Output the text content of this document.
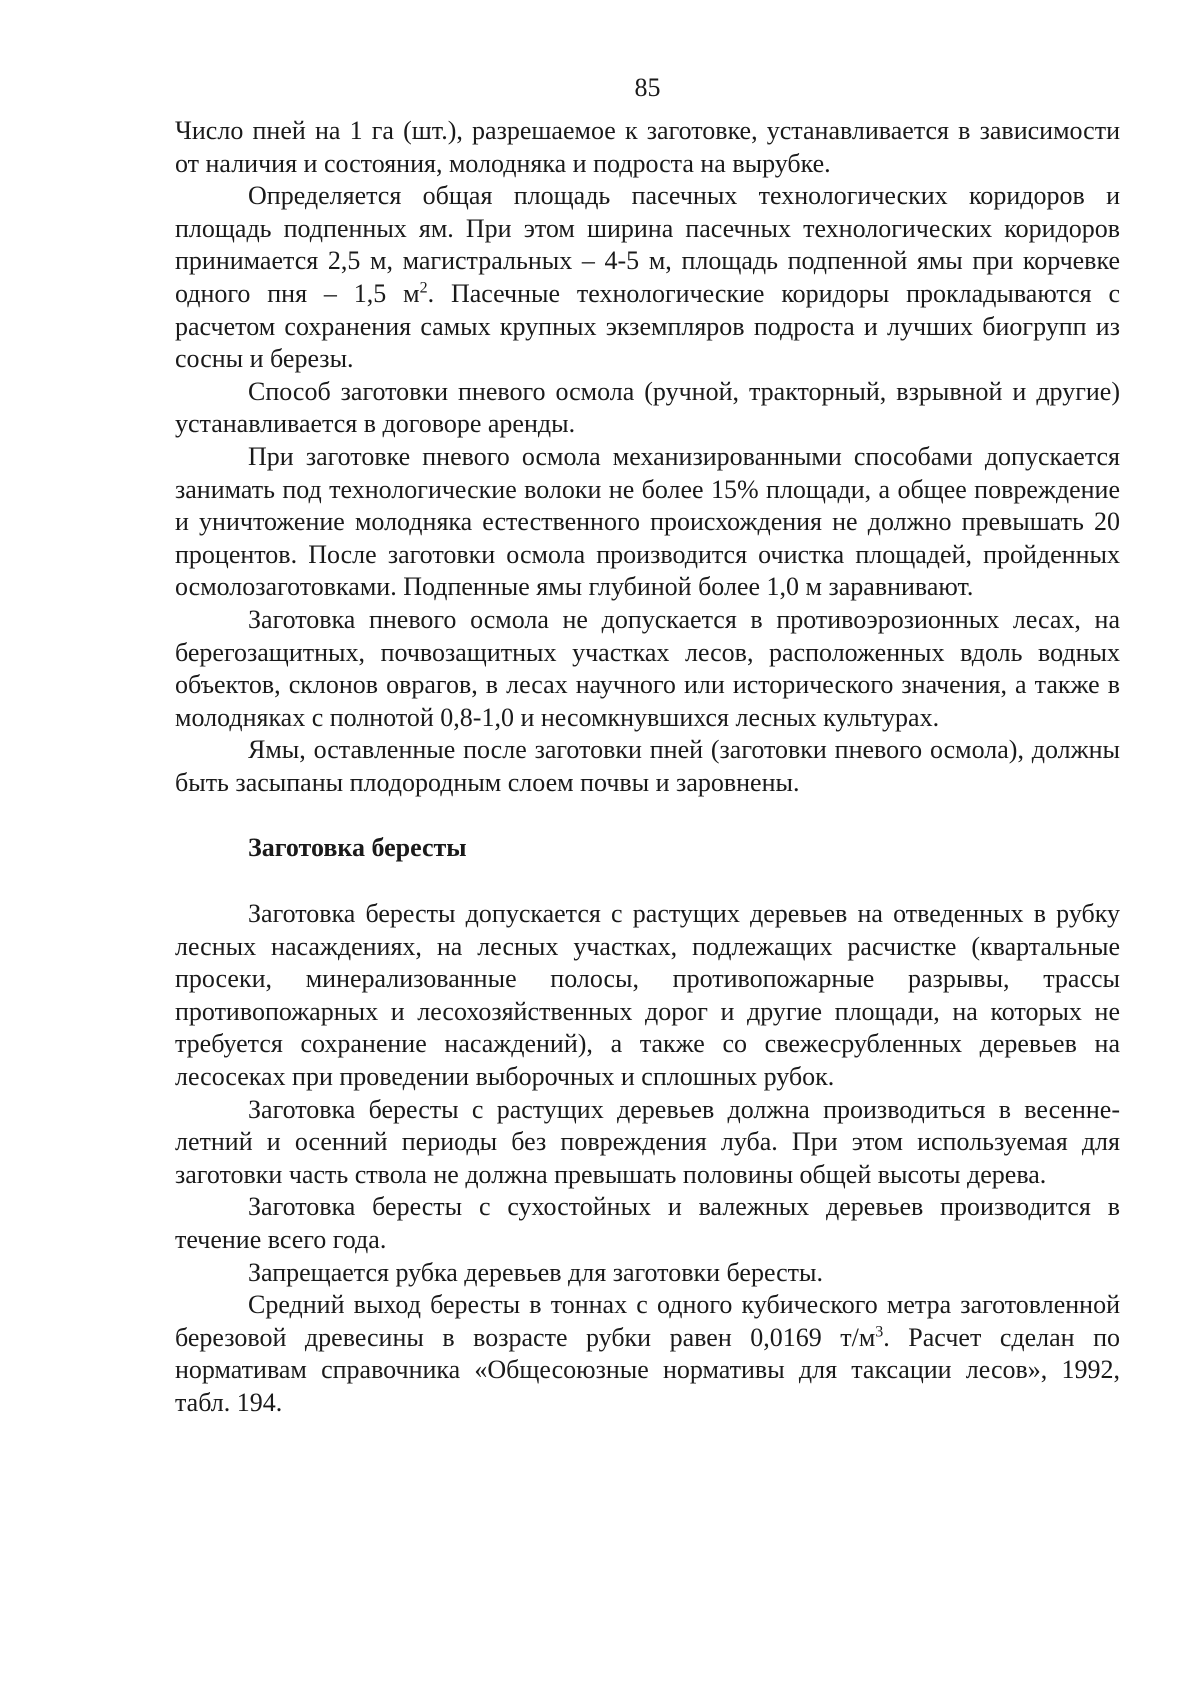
85

Число пней на 1 га (шт.), разрешаемое к заготовке, устанавливается в зависимости от наличия и состояния, молодняка и подроста на вырубке.

Определяется общая площадь пасечных технологических коридоров и площадь подпенных ям. При этом ширина пасечных технологических коридоров принимается 2,5 м, магистральных – 4-5 м, площадь подпенной ямы при корчевке одного пня – 1,5 $м^2$. Пасечные технологические коридоры прокладываются с расчетом сохранения самых крупных экземпляров подроста и лучших биогрупп из сосны и березы.

Способ заготовки пневого осмола (ручной, тракторный, взрывной и другие) устанавливается в договоре аренды.

При заготовке пневого осмола механизированными способами допускается занимать под технологические волоки не более 15% площади, а общее повреждение и уничтожение молодняка естественного происхождения не должно превышать 20 процентов. После заготовки осмола производится очистка площадей, пройденных осмолозаготовками. Подпенные ямы глубиной более 1,0 м заравнивают.

Заготовка пневого осмола не допускается в противоэрозионных лесах, на берегозащитных, почвозащитных участках лесов, расположенных вдоль водных объектов, склонов оврагов, в лесах научного или исторического значения, а также в молодняках с полнотой 0,8-1,0 и несомкнувшихся лесных культурах.

Ямы, оставленные после заготовки пней (заготовки пневого осмола), должны быть засыпаны плодородным слоем почвы и заровнены.

Заготовка бересты

Заготовка бересты допускается с растущих деревьев на отведенных в рубку лесных насаждениях, на лесных участках, подлежащих расчистке (квартальные просеки, минерализованные полосы, противопожарные разрывы, трассы противопожарных и лесохозяйственных дорог и другие площади, на которых не требуется сохранение насаждений), а также со свежесрубленных деревьев на лесосеках при проведении выборочных и сплошных рубок.

Заготовка бересты с растущих деревьев должна производиться в весенне-летний и осенний периоды без повреждения луба. При этом используемая для заготовки часть ствола не должна превышать половины общей высоты дерева.

Заготовка бересты с сухостойных и валежных деревьев производится в течение всего года.

Запрещается рубка деревьев для заготовки бересты.

Средний выход бересты в тоннах с одного кубического метра заготовленной березовой древесины в возрасте рубки равен 0,0169 $т/м^3$. Расчет сделан по нормативам справочника «Общесоюзные нормативы для таксации лесов», 1992, табл. 194.
